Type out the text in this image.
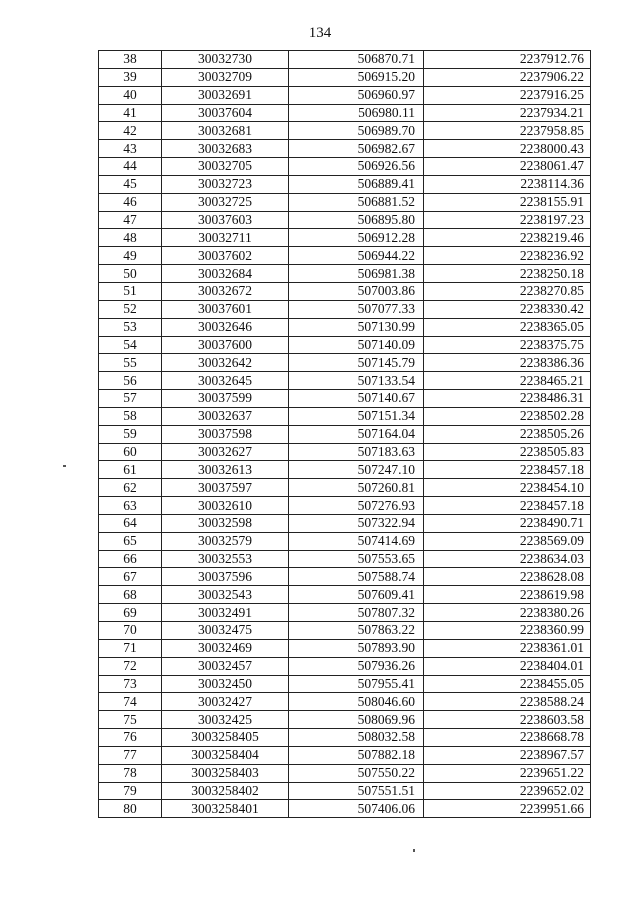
134
38	30032730	506870.71	2237912.76
39	30032709	506915.20	2237906.22
40	30032691	506960.97	2237916.25
41	30037604	506980.11	2237934.21
42	30032681	506989.70	2237958.85
43	30032683	506982.67	2238000.43
44	30032705	506926.56	2238061.47
45	30032723	506889.41	2238114.36
46	30032725	506881.52	2238155.91
47	30037603	506895.80	2238197.23
48	30032711	506912.28	2238219.46
49	30037602	506944.22	2238236.92
50	30032684	506981.38	2238250.18
51	30032672	507003.86	2238270.85
52	30037601	507077.33	2238330.42
53	30032646	507130.99	2238365.05
54	30037600	507140.09	2238375.75
55	30032642	507145.79	2238386.36
56	30032645	507133.54	2238465.21
57	30037599	507140.67	2238486.31
58	30032637	507151.34	2238502.28
59	30037598	507164.04	2238505.26
60	30032627	507183.63	2238505.83
61	30032613	507247.10	2238457.18
62	30037597	507260.81	2238454.10
63	30032610	507276.93	2238457.18
64	30032598	507322.94	2238490.71
65	30032579	507414.69	2238569.09
66	30032553	507553.65	2238634.03
67	30037596	507588.74	2238628.08
68	30032543	507609.41	2238619.98
69	30032491	507807.32	2238380.26
70	30032475	507863.22	2238360.99
71	30032469	507893.90	2238361.01
72	30032457	507936.26	2238404.01
73	30032450	507955.41	2238455.05
74	30032427	508046.60	2238588.24
75	30032425	508069.96	2238603.58
76	3003258405	508032.58	2238668.78
77	3003258404	507882.18	2238967.57
78	3003258403	507550.22	2239651.22
79	3003258402	507551.51	2239652.02
80	3003258401	507406.06	2239951.66
